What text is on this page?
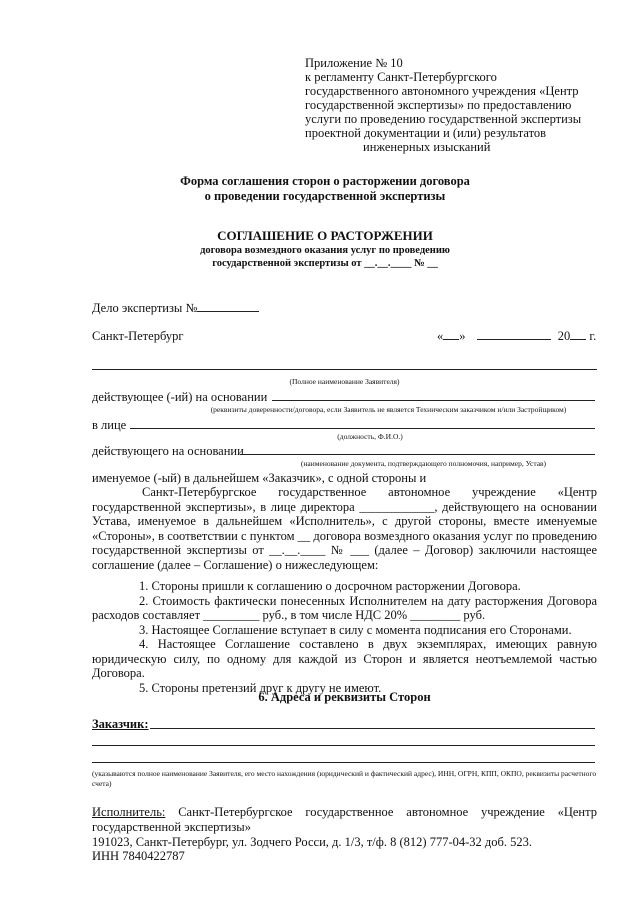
Приложение № 10
к регламенту Санкт-Петербургского
государственного автономного учреждения «Центр
государственной экспертизы» по предоставлению
услуги по проведению государственной экспертизы
проектной документации и (или) результатов
инженерных изысканий
Форма соглашения сторон о расторжении договора
о проведении государственной экспертизы
СОГЛАШЕНИЕ О РАСТОРЖЕНИИ
договора возмездного оказания услуг по проведению
государственной экспертизы от __.__.____ № __
Дело экспертизы №
Санкт-Петербург	« »	20 г.
(Полное наименование Заявителя)
действующее (-ий) на основании
(реквизиты доверенности/договора, если Заявитель не является Техническим заказчиком и/или Застройщиком)
в лице
(должность, Ф.И.О.)
действующего на основании
(наименование документа, подтверждающего полномочия, например, Устав)
именуемое (-ый) в дальнейшем «Заказчик», с одной стороны и
Санкт-Петербургское государственное автономное учреждение «Центр государственной экспертизы», в лице директора ____________, действующего на основании Устава, именуемое в дальнейшем «Исполнитель», с другой стороны, вместе именуемые «Стороны», в соответствии с пунктом __ договора возмездного оказания услуг по проведению государственной экспертизы от __.__.____ № ___ (далее – Договор) заключили настоящее соглашение (далее – Соглашение) о нижеследующем:

1. Стороны пришли к соглашению о досрочном расторжении Договора.

2. Стоимость фактически понесенных Исполнителем на дату расторжения Договора расходов составляет _________ руб., в том числе НДС 20% ________ руб.

3. Настоящее Соглашение вступает в силу с момента подписания его Сторонами.

4. Настоящее Соглашение составлено в двух экземплярах, имеющих равную юридическую силу, по одному для каждой из Сторон и является неотъемлемой частью Договора.

5. Стороны претензий друг к другу не имеют.

6. Адреса и реквизиты Сторон
Заказчик:
(указываются полное наименование Заявителя, его место нахождения (юридический и фактический адрес), ИНН, ОГРН, КПП, ОКПО, реквизиты расчетного счета)
Исполнитель: Санкт-Петербургское государственное автономное учреждение «Центр государственной экспертизы»
191023, Санкт-Петербург, ул. Зодчего Росси, д. 1/3, т/ф. 8 (812) 777-04-32 доб. 523.
ИНН 7840422787
